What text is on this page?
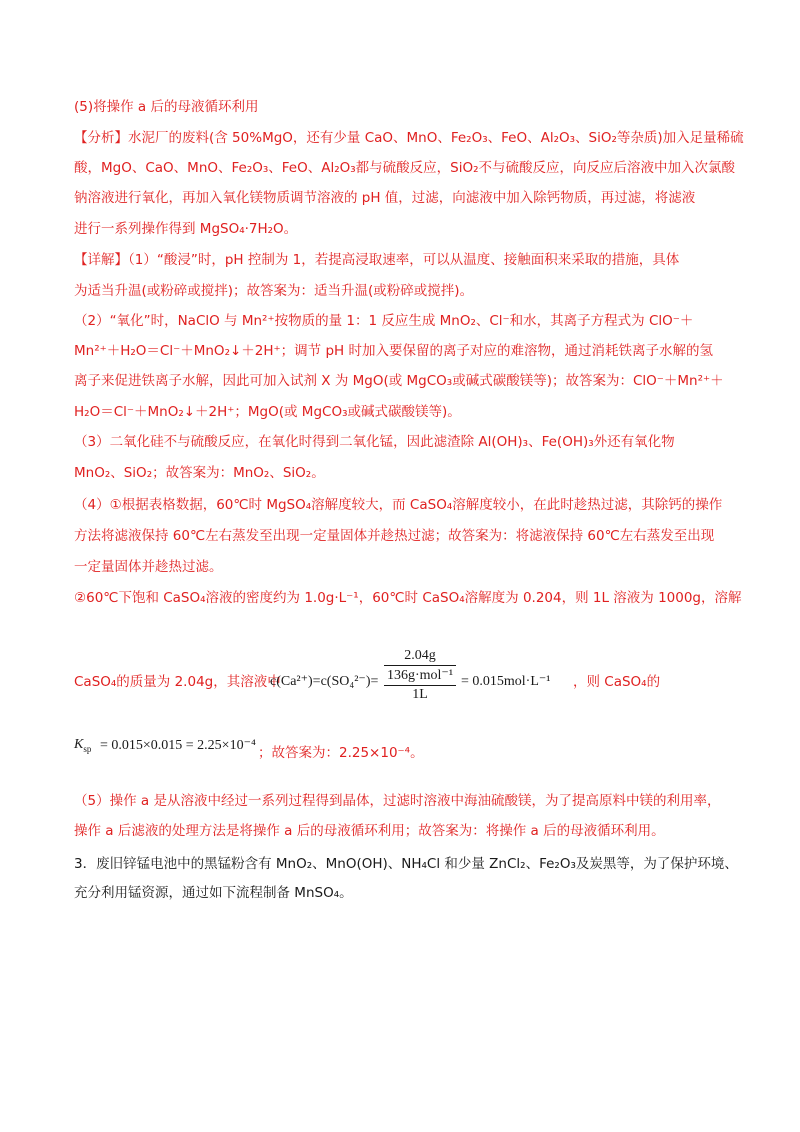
(5)将操作 a 后的母液循环利用
【分析】水泥厂的废料(含 50%MgO，还有少量 CaO、MnO、Fe₂O₃、FeO、Al₂O₃、SiO₂等杂质)加入足量稀硫
酸，MgO、CaO、MnO、Fe₂O₃、FeO、Al₂O₃都与硫酸反应，SiO₂不与硫酸反应，向反应后溶液中加入次氯酸
钠溶液进行氧化，再加入氧化镁物质调节溶液的 pH 值，过滤，向滤液中加入除钙物质，再过滤，将滤液
进行一系列操作得到 MgSO₄·7H₂O。
【详解】（1）“酸浸”时，pH 控制为 1，若提高浸取速率，可以从温度、接触面积来采取的措施，具体
为适当升温(或粉碎或搅拌)；故答案为：适当升温(或粉碎或搅拌)。
（2）“氧化”时，NaClO 与 Mn²⁺按物质的量 1：1 反应生成 MnO₂、Cl⁻和水，其离子方程式为 ClO⁻＋
Mn²⁺＋H₂O＝Cl⁻＋MnO₂↓＋2H⁺；调节 pH 时加入要保留的离子对应的难溶物，通过消耗铁离子水解的氢
离子来促进铁离子水解，因此可加入试剂 X 为 MgO(或 MgCO₃或碱式碳酸镁等)；故答案为：ClO⁻＋Mn²⁺＋
H₂O＝Cl⁻＋MnO₂↓＋2H⁺；MgO(或 MgCO₃或碱式碳酸镁等)。
（3）二氧化硅不与硫酸反应，在氧化时得到二氧化锰，因此滤渣除 Al(OH)₃、Fe(OH)₃外还有氧化物
MnO₂、SiO₂；故答案为：MnO₂、SiO₂。
（4）①根据表格数据，60℃时 MgSO₄溶解度较大，而 CaSO₄溶解度较小，在此时趁热过滤，其除钙的操作
方法将滤液保持 60℃左右蒸发至出现一定量固体并趁热过滤；故答案为：将滤液保持 60℃左右蒸发至出现
一定量固体并趁热过滤。
②60℃下饱和 CaSO₄溶液的密度约为 1.0g·L⁻¹，60℃时 CaSO₄溶解度为 0.204，则 1L 溶液为 1000g，溶解
CaSO₄的质量为 2.04g，其溶液中
$c(Ca^{2+})=c(SO_4^{2-})= \frac{2.04g}{\text{136g·mol⁻¹}}$
1L
= 0.015mol·L⁻¹ ，则 CaSO₄的
$K_{sp} = 0.015\times 0.015 = 2.25\times 10^{-4}$ ；故答案为：2.25×10⁻⁴。
（5）操作 a 是从溶液中经过一系列过程得到晶体，过滤时溶液中海油硫酸镁，为了提高原料中镁的利用率，
操作 a 后滤液的处理方法是将操作 a 后的母液循环利用；故答案为：将操作 a 后的母液循环利用。
3．废旧锌锰电池中的黑锰粉含有 MnO₂、MnO(OH)、NH₄Cl 和少量 ZnCl₂、Fe₂O₃及炭黑等，为了保护环境、
充分利用锰资源，通过如下流程制备 MnSO₄。
